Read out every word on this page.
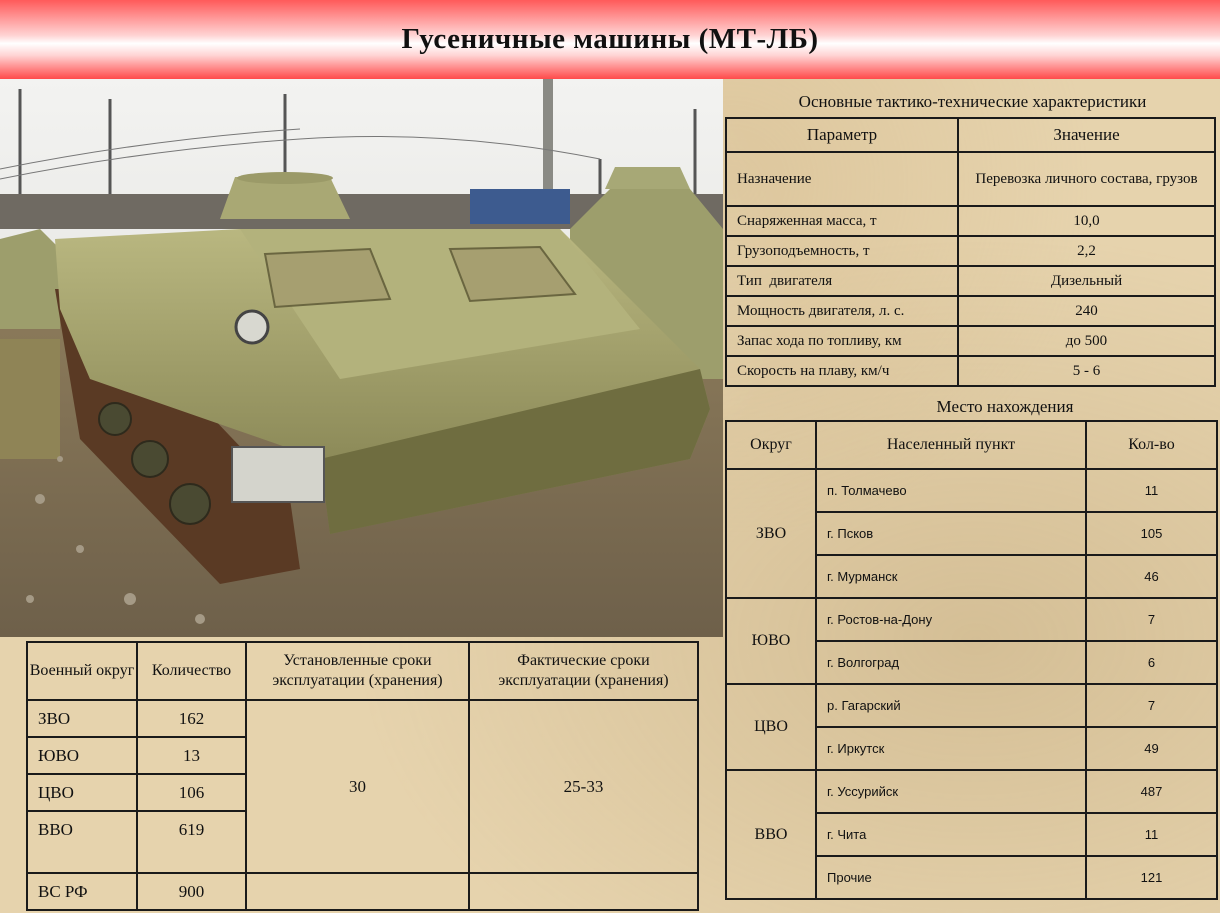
Гусеничные машины (МТ-ЛБ)
Основные тактико-технические характеристики
Параметр	Значение
Назначение	Перевозка личного состава, грузов
Снаряженная масса, т	10,0
Грузоподъемность, т	2,2
Тип  двигателя	Дизельный
Мощность двигателя, л. с.	240
Запас хода по топливу, км	до 500
Скорость на плаву, км/ч	5 - 6
Место нахождения
Округ	Населенный пункт	Кол-во
ЗВО	п. Толмачево	11
	г. Псков	105
	г. Мурманск	46
ЮВО	г. Ростов-на-Дону	7
	г. Волгоград	6
ЦВО	р. Гагарский	7
	г. Иркутск	49
ВВО	г. Уссурийск	487
	г. Чита	11
	Прочие	121
Военный округ	Количество	Установленные сроки эксплуатации (хранения)	Фактические сроки эксплуатации (хранения)
ЗВО	162	30	25-33
ЮВО	13		
ЦВО	106		
ВВО	619		
ВС РФ	900		
